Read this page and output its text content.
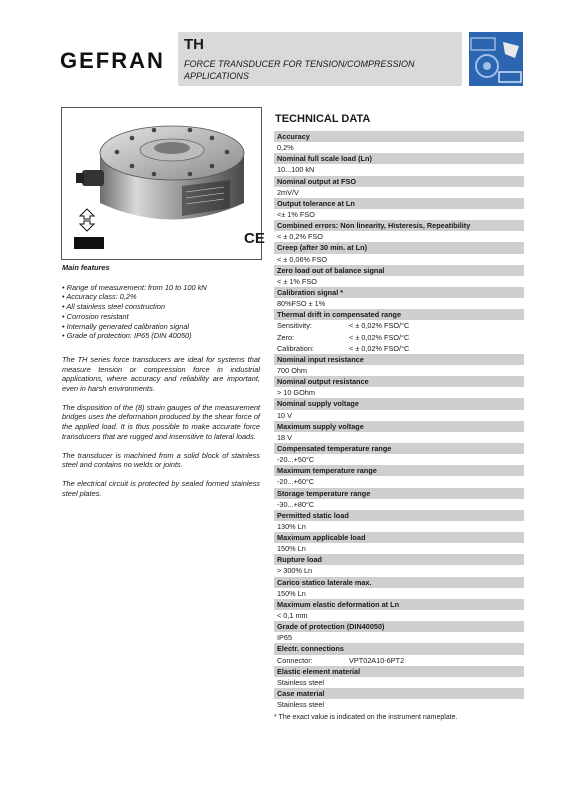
GEFRAN
TH
FORCE TRANSDUCER FOR TENSION/COMPRESSION APPLICATIONS
CE
Main features
• Range of measurement: from 10 to 100 kN
• Accuracy class: 0,2%
• All stainless steel construction
• Corrosion resistant
• Internally generated calibration signal
• Grade of protection: IP65 (DIN 40050)

The TH series force transducers are ideal for systems that measure tension or compression force in industrial applications, where accuracy and reliability are important, even in harsh environments.

The disposition of the (8) strain gauges of the measurement bridges uses the deformation produced by the shear force of the applied load. It is thus possible to make accurate force transducers that are rugged and insensitive to lateral loads.

The transducer is machined from a solid block of stainless steel and contains no welds or joints.

The electrical circuit is protected by sealed formed stainless steel plates.

TECHNICAL DATA
Accuracy
0,2%
Nominal full scale load (Ln)
10...100 kN
Nominal output at FSO
2mV/V
Output tolerance at Ln
<± 1% FSO
Combined errors: Non linearity, Histeresis, Repeatibility
< ± 0,2% FSO
Creep (after 30 min. at Ln)
< ± 0,06% FSO
Zero load out of balance signal
< ± 1% FSO
Calibration signal *
80%FSO ± 1%
Thermal drift in compensated range
Sensitivity:	< ± 0,02% FSO/°C
Zero:	< ± 0,02% FSO/°C
Calibration:	< ± 0,02% FSO/°C
Nominal input resistance
700 Ohm
Nominal output resistance
> 10 GOhm
Nominal supply voltage
10 V
Maximum supply voltage
18 V
Compensated temperature range
-20...+50°C
Maximum temperature range
-20...+60°C
Storage temperature range
-30...+80°C
Permitted static load
130% Ln
Maximum applicable load
150% Ln
Rupture load
> 300% Ln
Carico statico laterale max.
150% Ln
Maximum elastic deformation at Ln
< 0,1 mm
Grade of protection (DIN40050)
IP65
Electr. connections
Connector:	VPT02A10-6PT2
Elastic element material
Stainless steel
Case material
Stainless steel
* The exact value is indicated on the instrument nameplate.
